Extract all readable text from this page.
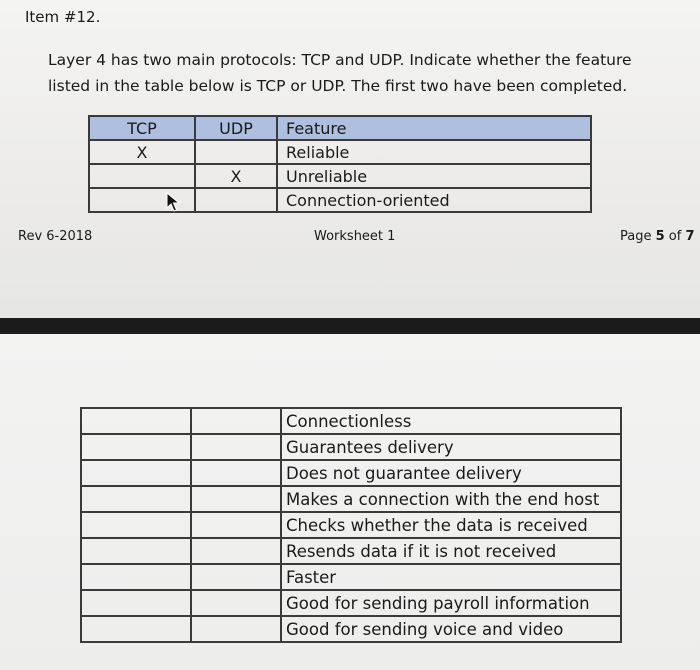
Item #12.

Layer 4 has two main protocols: TCP and UDP. Indicate whether the feature

listed in the table below is TCP or UDP. The first two have been completed.

TCP	UDP	Feature
X		Reliable
	X	Unreliable
		Connection-oriented
Rev 6-2018	Worksheet 1	Page 5 of 7
		Connectionless
		Guarantees delivery
		Does not guarantee delivery
		Makes a connection with the end host
		Checks whether the data is received
		Resends data if it is not received
		Faster
		Good for sending payroll information
		Good for sending voice and video
